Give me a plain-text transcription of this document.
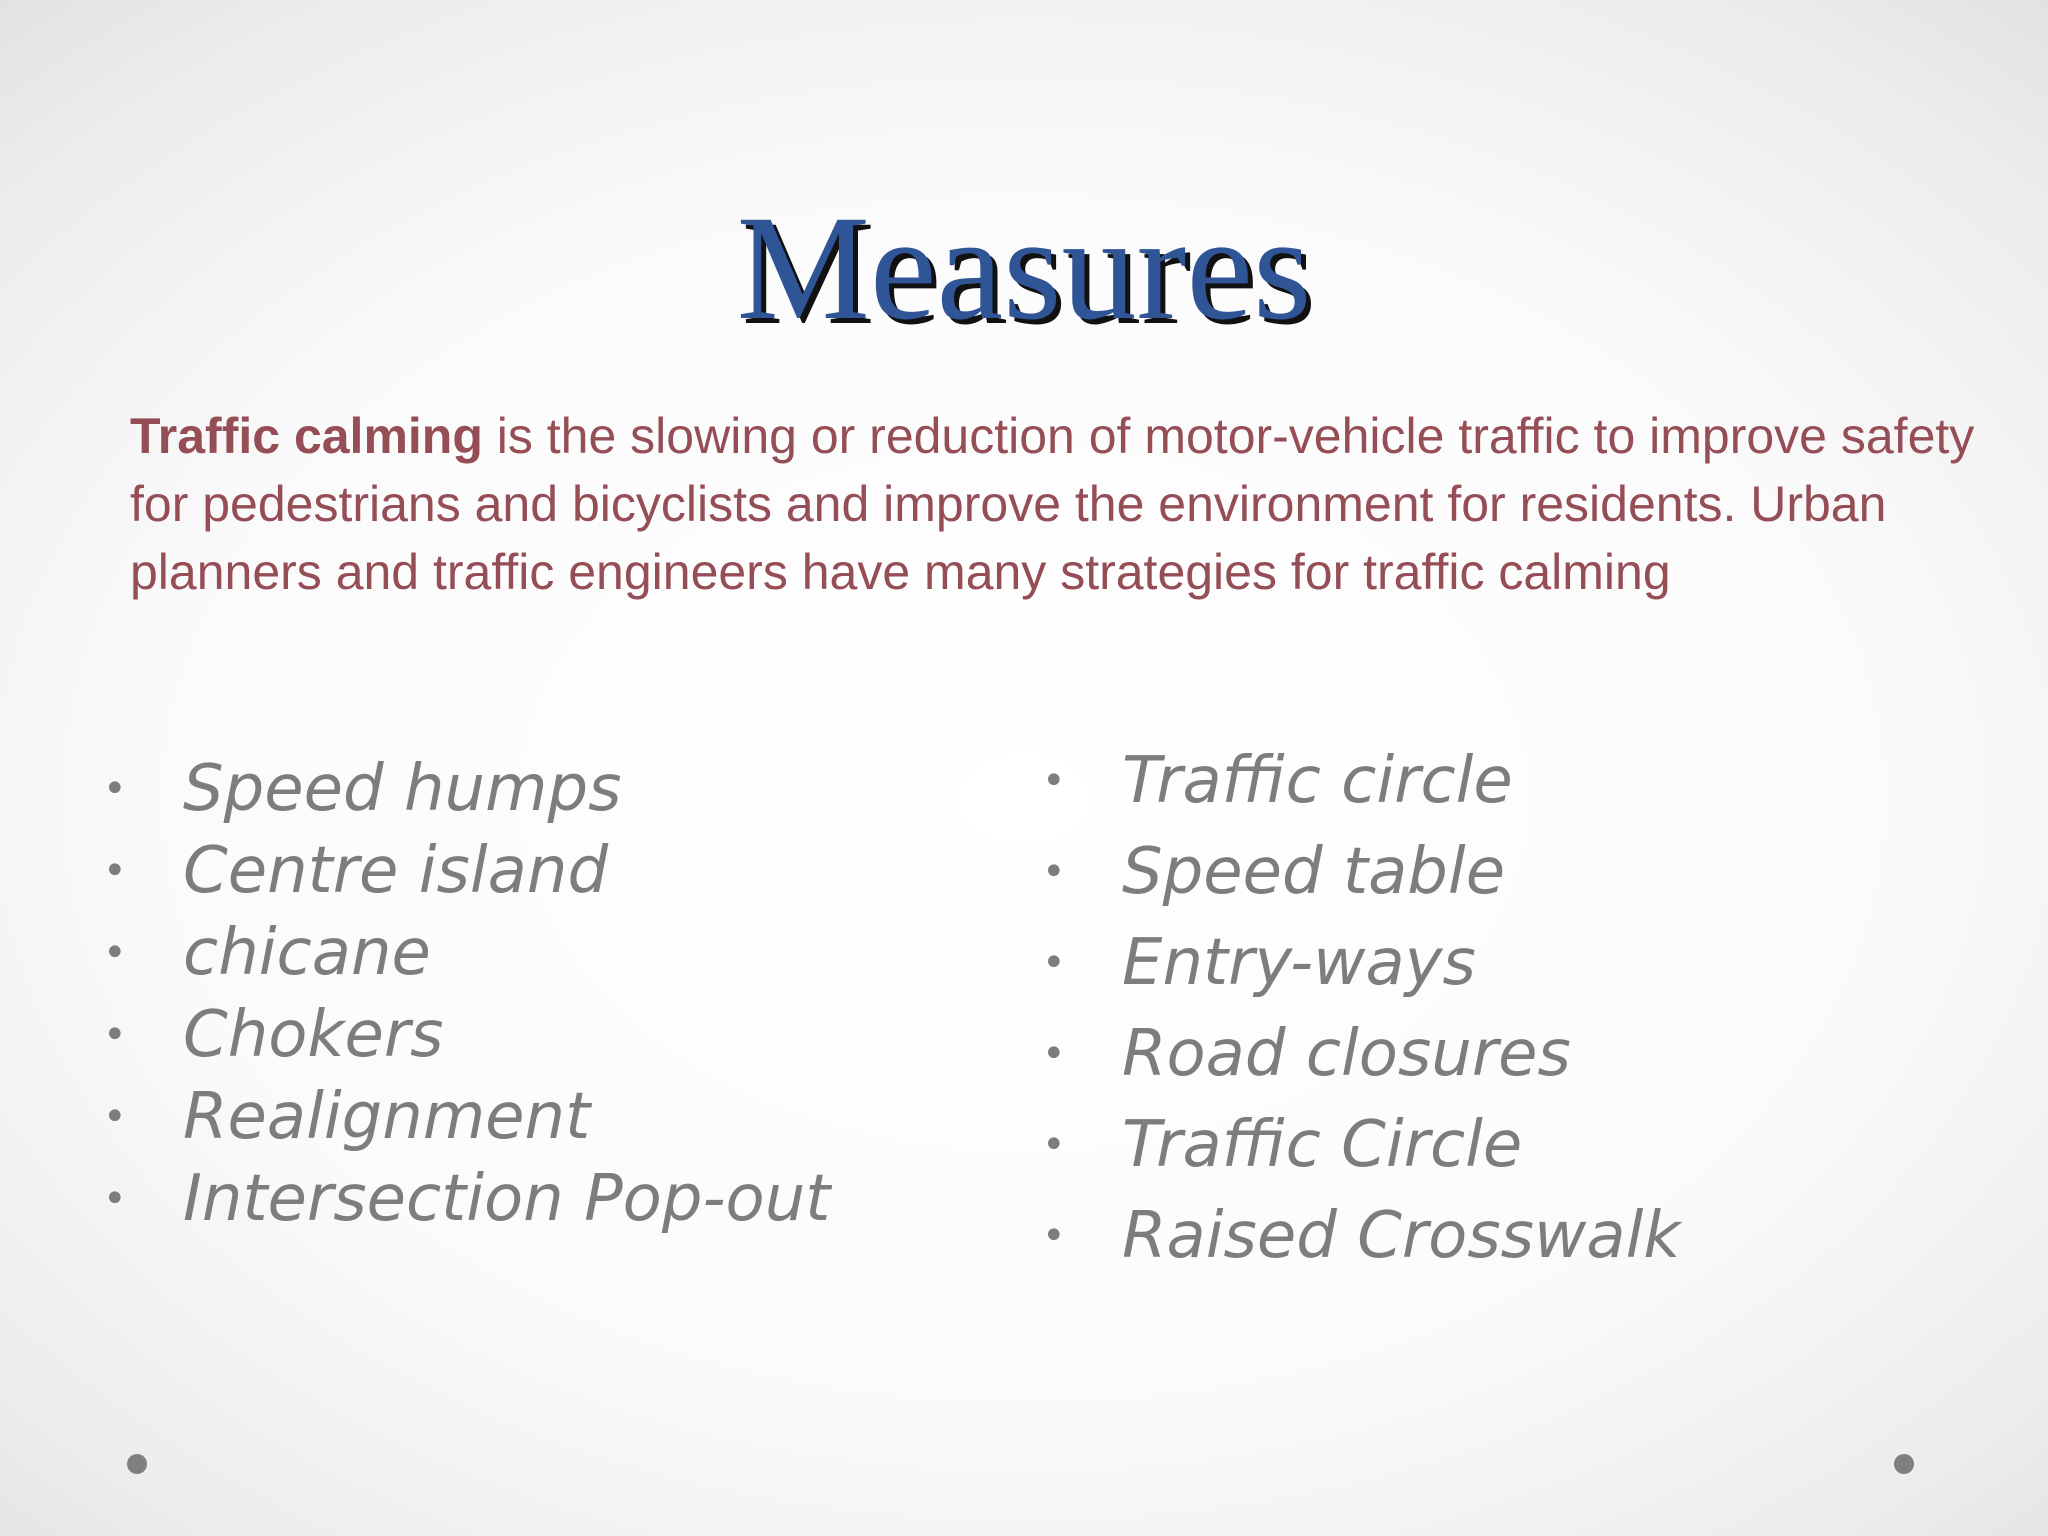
Measures

Traffic calming is the slowing or reduction of motor-vehicle traffic to improve safety for pedestrians and bicyclists and improve the environment for residents. Urban planners and traffic engineers have many strategies for traffic calming

• Speed humps
• Centre island
• chicane
• Chokers
• Realignment
• Intersection Pop-out
• Traffic circle
• Speed table
• Entry-ways
• Road closures
• Traffic Circle
• Raised Crosswalk
